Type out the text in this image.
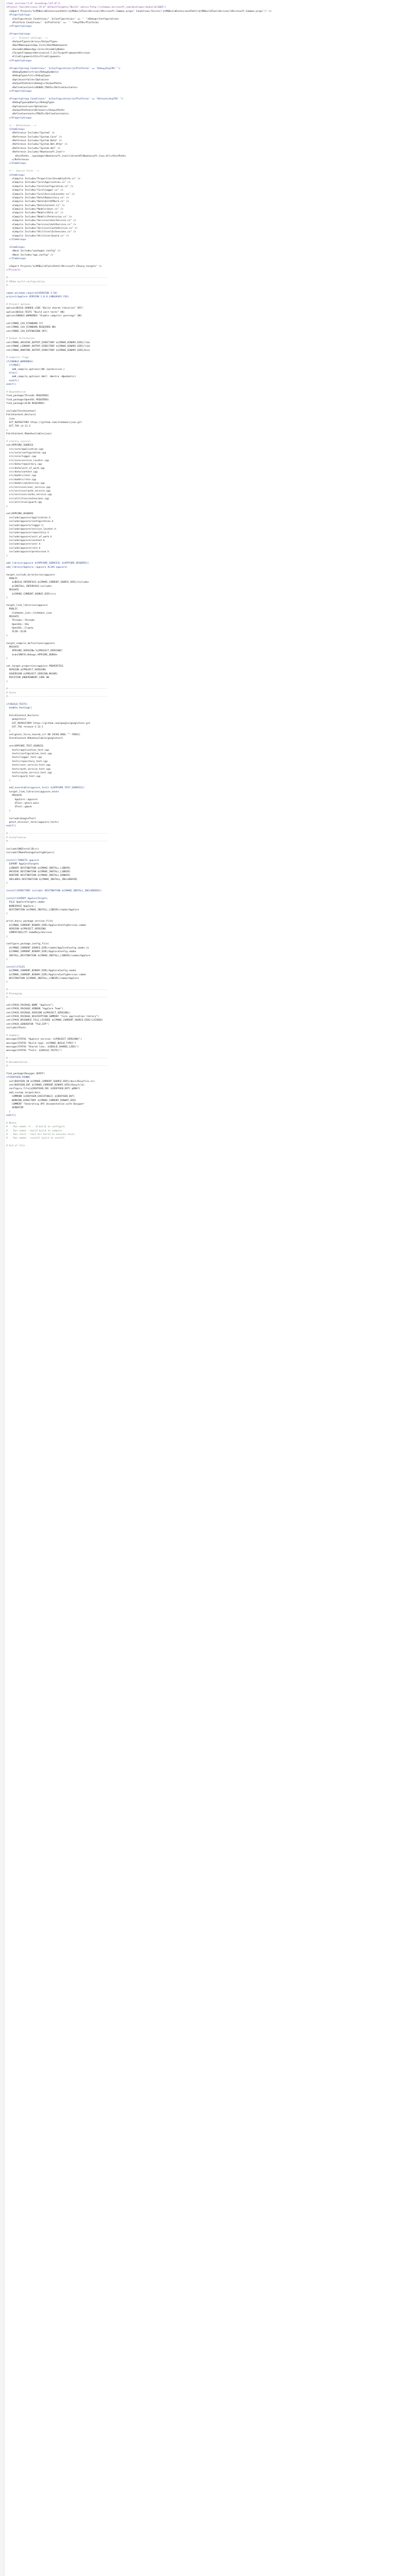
<?xml version="1.0" encoding="utf-8"?>
<Project ToolsVersion="15.0" DefaultTargets="Build" xmlns="http://schemas.microsoft.com/developer/msbuild/2003">
<Import Project="$(MSBuildExtensionsPath)\$(MSBuildToolsVersion)\Microsoft.Common.props" Condition="Exists('$(MSBuildExtensionsPath)\$(MSBuildToolsVersion)\Microsoft.Common.props')" />
<PropertyGroup>
<Configuration Condition=" '$(Configuration)' == '' ">Debug</Configuration>
<Platform Condition=" '$(Platform)' == '' ">AnyCPU</Platform>
</PropertyGroup>
<PropertyGroup>
<!-- Project settings -->
<OutputType>Library</OutputType>
<RootNamespace>App.Core</RootNamespace>
<AssemblyName>App.Core</AssemblyName>
<TargetFrameworkVersion>v4.7.2</TargetFrameworkVersion>
<FileAlignment>512</FileAlignment>
</PropertyGroup>
<PropertyGroup Condition=" '$(Configuration)|$(Platform)' == 'Debug|AnyCPU' ">
<DebugSymbols>true</DebugSymbols>
<DebugType>full</DebugType>
<Optimize>false</Optimize>
<OutputPath>bin\Debug\</OutputPath>
<DefineConstants>DEBUG;TRACE</DefineConstants>
</PropertyGroup>
<PropertyGroup Condition=" '$(Configuration)|$(Platform)' == 'Release|AnyCPU' ">
<DebugType>pdbonly</DebugType>
<Optimize>true</Optimize>
<OutputPath>bin\Release\</OutputPath>
<DefineConstants>TRACE</DefineConstants>
</PropertyGroup>
<!-- References -->
<ItemGroup>
<Reference Include="System" />
<Reference Include="System.Core" />
<Reference Include="System.Data" />
<Reference Include="System.Net.Http" />
<Reference Include="System.Xml" />
<Reference Include="Newtonsoft.Json">
<HintPath>..\packages\Newtonsoft.Json\lib\net45\Newtonsoft.Json.dll</HintPath>
</Reference>
</ItemGroup>
<!-- Source files -->
<ItemGroup>
<Compile Include="Properties\AssemblyInfo.cs" />
<Compile Include="Core\Application.cs" />
<Compile Include="Core\Configuration.cs" />
<Compile Include="Core\Logger.cs" />
<Compile Include="Core\ServiceLocator.cs" />
<Compile Include="Data\Repository.cs" />
<Compile Include="Data\UnitOfWork.cs" />
<Compile Include="Data\Context.cs" />
<Compile Include="Models\User.cs" />
<Compile Include="Models\Role.cs" />
<Compile Include="Models\Permission.cs" />
<Compile Include="Services\UserService.cs" />
<Compile Include="Services\AuthService.cs" />
<Compile Include="Services\CacheService.cs" />
<Compile Include="Utilities\Extensions.cs" />
<Compile Include="Utilities\Guard.cs" />
</ItemGroup>
<ItemGroup>
<None Include="packages.config" />
<None Include="app.config" />
</ItemGroup>
<Import Project="$(MSBuildToolsPath)\Microsoft.CSharp.targets" />
</Project>
#----------------------------------------------------------------------
# CMake build configuration
#----------------------------------------------------------------------
cmake_minimum_required(VERSION 3.10)
project(AppCore VERSION 1.0.0 LANGUAGES CXX)
# Project options
option(BUILD_SHARED_LIBS "Build shared libraries" OFF)
option(BUILD_TESTS "Build unit tests" ON)
option(ENABLE_WARNINGS "Enable compiler warnings" ON)
set(CMAKE_CXX_STANDARD 17)
set(CMAKE_CXX_STANDARD_REQUIRED ON)
set(CMAKE_CXX_EXTENSIONS OFF)
# Output directories
set(CMAKE_ARCHIVE_OUTPUT_DIRECTORY ${CMAKE_BINARY_DIR}/lib)
set(CMAKE_LIBRARY_OUTPUT_DIRECTORY ${CMAKE_BINARY_DIR}/lib)
set(CMAKE_RUNTIME_OUTPUT_DIRECTORY ${CMAKE_BINARY_DIR}/bin)
# Compiler flags
if(ENABLE_WARNINGS)
if(MSVC)
add_compile_options(/W4 /permissive-)
else()
add_compile_options(-Wall -Wextra -Wpedantic)
endif()
endif()
# Dependencies
find_package(Threads REQUIRED)
find_package(OpenSSL REQUIRED)
find_package(ZLIB REQUIRED)
include(FetchContent)
FetchContent_Declare(
json
GIT_REPOSITORY https://github.com/nlohmann/json.git
GIT_TAG v3.11.2
)
FetchContent_MakeAvailable(json)
# Library sources
set(APPCORE_SOURCES
src/core/application.cpp
src/core/configuration.cpp
src/core/logger.cpp
src/core/service_locator.cpp
src/data/repository.cpp
src/data/unit_of_work.cpp
src/data/context.cpp
src/models/user.cpp
src/models/role.cpp
src/models/permission.cpp
src/services/user_service.cpp
src/services/auth_service.cpp
src/services/cache_service.cpp
src/utilities/extensions.cpp
src/utilities/guard.cpp
)
set(APPCORE_HEADERS
include/appcore/application.h
include/appcore/configuration.h
include/appcore/logger.h
include/appcore/service_locator.h
include/appcore/repository.h
include/appcore/unit_of_work.h
include/appcore/context.h
include/appcore/user.h
include/appcore/role.h
include/appcore/permission.h
)
add_library(appcore ${APPCORE_SOURCES} ${APPCORE_HEADERS})
add_library(AppCore::appcore ALIAS appcore)
target_include_directories(appcore
PUBLIC
$<BUILD_INTERFACE:${CMAKE_CURRENT_SOURCE_DIR}/include>
$<INSTALL_INTERFACE:include>
PRIVATE
${CMAKE_CURRENT_SOURCE_DIR}/src
)
target_link_libraries(appcore
PUBLIC
nlohmann_json::nlohmann_json
PRIVATE
Threads::Threads
OpenSSL::SSL
OpenSSL::Crypto
ZLIB::ZLIB
)
target_compile_definitions(appcore
PRIVATE
APPCORE_VERSION="${PROJECT_VERSION}"
$<$<CONFIG:Debug>:APPCORE_DEBUG>
)
set_target_properties(appcore PROPERTIES
VERSION ${PROJECT_VERSION}
SOVERSION ${PROJECT_VERSION_MAJOR}
POSITION_INDEPENDENT_CODE ON
)
#----------------------------------------------------------------------
# Tests
#----------------------------------------------------------------------
if(BUILD_TESTS)
enable_testing()
FetchContent_Declare(
googletest
GIT_REPOSITORY https://github.com/google/googletest.git
GIT_TAG release-1.12.1
)
set(gtest_force_shared_crt ON CACHE BOOL "" FORCE)
FetchContent_MakeAvailable(googletest)
set(APPCORE_TEST_SOURCES
tests/application_test.cpp
tests/configuration_test.cpp
tests/logger_test.cpp
tests/repository_test.cpp
tests/user_service_test.cpp
tests/auth_service_test.cpp
tests/cache_service_test.cpp
tests/guard_test.cpp
)
add_executable(appcore_tests ${APPCORE_TEST_SOURCES})
target_link_libraries(appcore_tests
PRIVATE
AppCore::appcore
GTest::gtest_main
GTest::gmock
)
include(GoogleTest)
gtest_discover_tests(appcore_tests)
endif()
#----------------------------------------------------------------------
# Installation
#----------------------------------------------------------------------
include(GNUInstallDirs)
include(CMakePackageConfigHelpers)
install(TARGETS appcore
EXPORT AppCoreTargets
LIBRARY DESTINATION ${CMAKE_INSTALL_LIBDIR}
ARCHIVE DESTINATION ${CMAKE_INSTALL_LIBDIR}
RUNTIME DESTINATION ${CMAKE_INSTALL_BINDIR}
INCLUDES DESTINATION ${CMAKE_INSTALL_INCLUDEDIR}
)
install(DIRECTORY include/ DESTINATION ${CMAKE_INSTALL_INCLUDEDIR})
install(EXPORT AppCoreTargets
FILE AppCoreTargets.cmake
NAMESPACE AppCore::
DESTINATION ${CMAKE_INSTALL_LIBDIR}/cmake/AppCore
)
write_basic_package_version_file(
${CMAKE_CURRENT_BINARY_DIR}/AppCoreConfigVersion.cmake
VERSION ${PROJECT_VERSION}
COMPATIBILITY SameMajorVersion
)
configure_package_config_file(
${CMAKE_CURRENT_SOURCE_DIR}/cmake/AppCoreConfig.cmake.in
${CMAKE_CURRENT_BINARY_DIR}/AppCoreConfig.cmake
INSTALL_DESTINATION ${CMAKE_INSTALL_LIBDIR}/cmake/AppCore
)
install(FILES
${CMAKE_CURRENT_BINARY_DIR}/AppCoreConfig.cmake
${CMAKE_CURRENT_BINARY_DIR}/AppCoreConfigVersion.cmake
DESTINATION ${CMAKE_INSTALL_LIBDIR}/cmake/AppCore
)
#----------------------------------------------------------------------
# Packaging
#----------------------------------------------------------------------
set(CPACK_PACKAGE_NAME "AppCore")
set(CPACK_PACKAGE_VENDOR "AppCore Team")
set(CPACK_PACKAGE_VERSION ${PROJECT_VERSION})
set(CPACK_PACKAGE_DESCRIPTION_SUMMARY "Core application library")
set(CPACK_RESOURCE_FILE_LICENSE ${CMAKE_CURRENT_SOURCE_DIR}/LICENSE)
set(CPACK_GENERATOR "TGZ;ZIP")
include(CPack)
# Summary
message(STATUS "AppCore version: ${PROJECT_VERSION}")
message(STATUS "Build type: ${CMAKE_BUILD_TYPE}")
message(STATUS "Shared libs: ${BUILD_SHARED_LIBS}")
message(STATUS "Tests: ${BUILD_TESTS}")
#----------------------------------------------------------------------
# Documentation
#----------------------------------------------------------------------
find_package(Doxygen QUIET)
if(DOXYGEN_FOUND)
set(DOXYGEN_IN ${CMAKE_CURRENT_SOURCE_DIR}/docs/Doxyfile.in)
set(DOXYGEN_OUT ${CMAKE_CURRENT_BINARY_DIR}/Doxyfile)
configure_file(${DOXYGEN_IN} ${DOXYGEN_OUT} @ONLY)
add_custom_target(docs
COMMAND ${DOXYGEN_EXECUTABLE} ${DOXYGEN_OUT}
WORKING_DIRECTORY ${CMAKE_CURRENT_BINARY_DIR}
COMMENT "Generating API documentation with Doxygen"
VERBATIM
)
endif()
# Notes:
#  - Run cmake -S . -B build to configure
#  - Run cmake --build build to compile
#  - Run ctest --test-dir build to execute tests
#  - Run cmake --install build to install
# End of file
